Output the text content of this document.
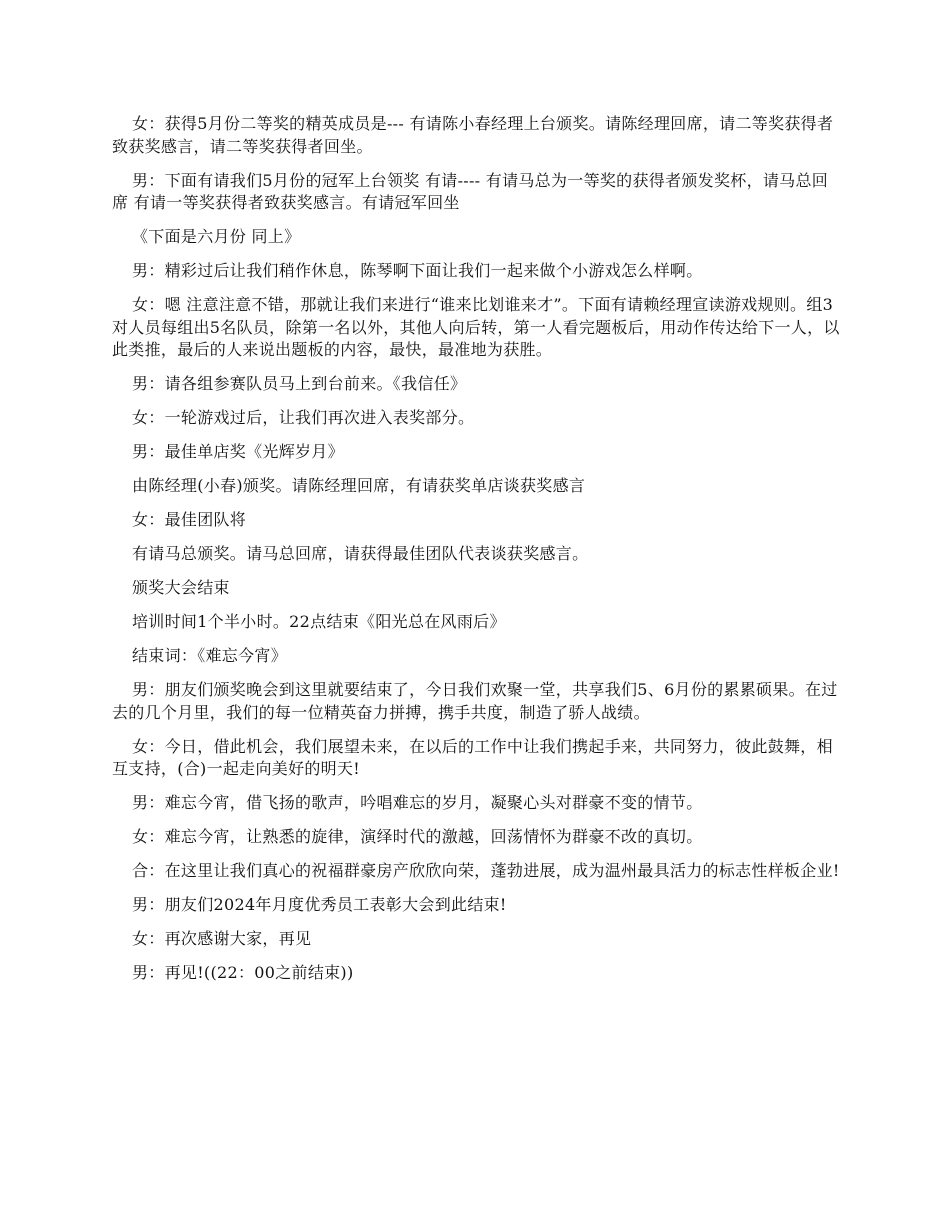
女：获得5月份二等奖的精英成员是--- 有请陈小春经理上台颁奖。请陈经理回席，请二等奖获得者致获奖感言，请二等奖获得者回坐。

男：下面有请我们5月份的冠军上台领奖 有请---- 有请马总为一等奖的获得者颁发奖杯，请马总回席 有请一等奖获得者致获奖感言。有请冠军回坐

《下面是六月份 同上》

男：精彩过后让我们稍作休息，陈琴啊下面让我们一起来做个小游戏怎么样啊。

女：嗯 注意注意不错，那就让我们来进行“谁来比划谁来才”。下面有请赖经理宣读游戏规则。组3对人员每组出5名队员，除第一名以外，其他人向后转，第一人看完题板后，用动作传达给下一人，以此类推，最后的人来说出题板的内容，最快，最准地为获胜。

男：请各组参赛队员马上到台前来。《我信任》

女：一轮游戏过后，让我们再次进入表奖部分。

男：最佳单店奖《光辉岁月》

由陈经理(小春)颁奖。请陈经理回席，有请获奖单店谈获奖感言

女：最佳团队将

有请马总颁奖。请马总回席，请获得最佳团队代表谈获奖感言。

颁奖大会结束

培训时间1个半小时。22点结束《阳光总在风雨后》

结束词：《难忘今宵》

男：朋友们颁奖晚会到这里就要结束了，今日我们欢聚一堂，共享我们5、6月份的累累硕果。在过去的几个月里，我们的每一位精英奋力拼搏，携手共度，制造了骄人战绩。

女：今日，借此机会，我们展望未来，在以后的工作中让我们携起手来，共同努力，彼此鼓舞，相互支持，(合)一起走向美好的明天!

男：难忘今宵，借飞扬的歌声，吟唱难忘的岁月，凝聚心头对群豪不变的情节。

女：难忘今宵，让熟悉的旋律，演绎时代的激越，回荡情怀为群豪不改的真切。

合：在这里让我们真心的祝福群豪房产欣欣向荣，蓬勃进展，成为温州最具活力的标志性样板企业!

男：朋友们2024年月度优秀员工表彰大会到此结束!

女：再次感谢大家，再见

男：再见!((22：00之前结束))
